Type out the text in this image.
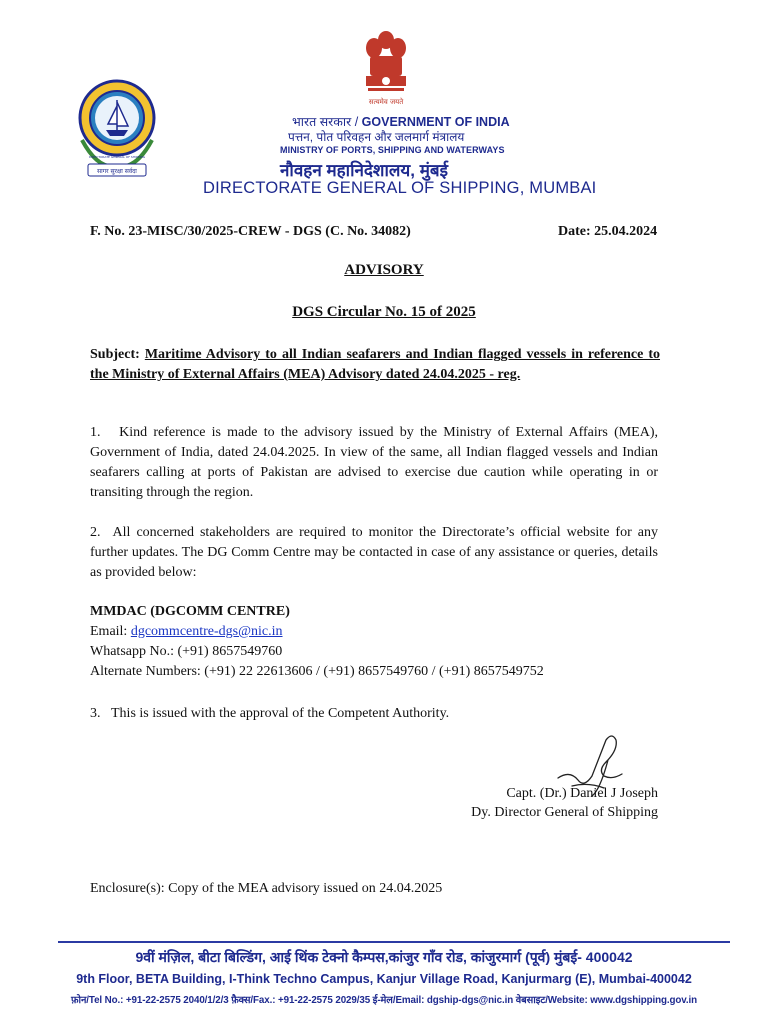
सागर सुरक्षा सर्वदा
DIRECTORATE GENERAL OF SHIPPING
सत्यमेव जयते
भारत सरकार / GOVERNMENT OF INDIA
पत्तन, पोत परिवहन और जलमार्ग मंत्रालय
MINISTRY OF PORTS, SHIPPING AND WATERWAYS
नौवहन महानिदेशालय, मुंबई
DIRECTORATE GENERAL OF SHIPPING, MUMBAI
F. No. 23-MISC/30/2025-CREW - DGS (C. No. 34082)	Date: 25.04.2024
ADVISORY
DGS Circular No. 15 of 2025
Subject: Maritime Advisory to all Indian seafarers and Indian flagged vessels in reference to the Ministry of External Affairs (MEA) Advisory dated 24.04.2025 - reg.
1.   Kind reference is made to the advisory issued by the Ministry of External Affairs (MEA), Government of India, dated 24.04.2025. In view of the same, all Indian flagged vessels and Indian seafarers calling at ports of Pakistan are advised to exercise due caution while operating in or transiting through the region.
2.  All concerned stakeholders are required to monitor the Directorate’s official website for any further updates. The DG Comm Centre may be contacted in case of any assistance or queries, details as provided below:
MMDAC (DGCOMM CENTRE)
Email: dgcommcentre-dgs@nic.in
Whatsapp No.: (+91) 8657549760
Alternate Numbers: (+91) 22 22613606 / (+91) 8657549760 / (+91) 8657549752
3.   This is issued with the approval of the Competent Authority.
Capt. (Dr.) Daniel J Joseph
Dy. Director General of Shipping
Enclosure(s): Copy of the MEA advisory issued on 24.04.2025
9वीं मंज़िल, बीटा बिल्डिंग, आई थिंक टेक्नो कैम्पस,कांजुर गाँव रोड, कांजुरमार्ग (पूर्व) मुंबई- 400042
9th Floor, BETA Building, I-Think Techno Campus, Kanjur Village Road, Kanjurmarg (E), Mumbai-400042
फ़ोन/Tel No.: +91-22-2575 2040/1/2/3 फ़ैक्स/Fax.: +91-22-2575 2029/35 ई-मेल/Email: dgship-dgs@nic.in वेबसाइट/Website: www.dgshipping.gov.in
